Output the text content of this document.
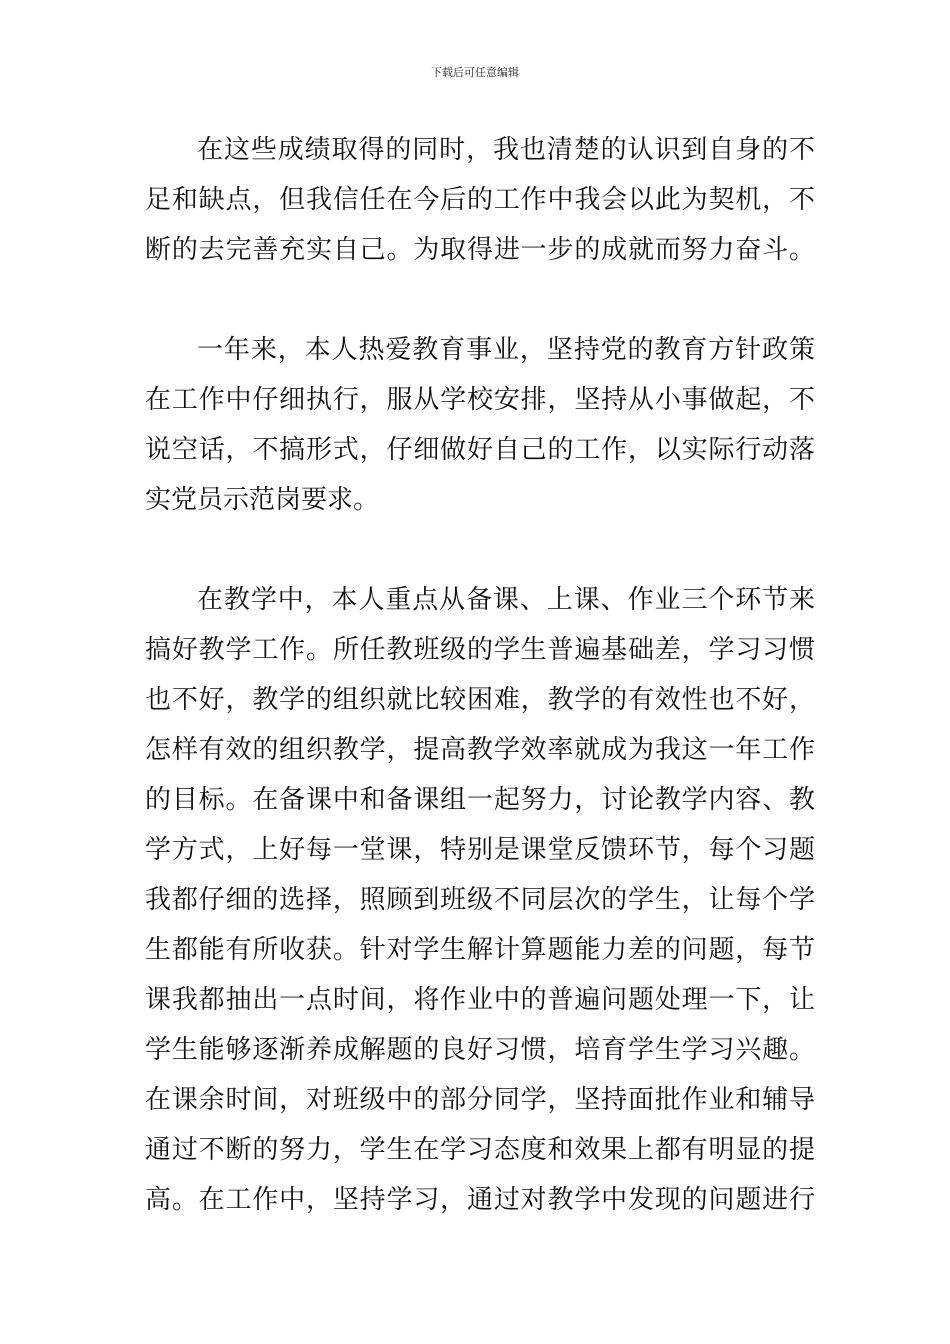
下载后可任意编辑
在这些成绩取得的同时，我也清楚的认识到自身的不
足和缺点，但我信任在今后的工作中我会以此为契机，不
断的去完善充实自己。为取得进一步的成就而努力奋斗。
一年来，本人热爱教育事业，坚持党的教育方针政策
在工作中仔细执行，服从学校安排，坚持从小事做起，不
说空话，不搞形式，仔细做好自己的工作，以实际行动落
实党员示范岗要求。
在教学中，本人重点从备课、上课、作业三个环节来
搞好教学工作。所任教班级的学生普遍基础差，学习习惯
也不好，教学的组织就比较困难，教学的有效性也不好，
怎样有效的组织教学，提高教学效率就成为我这一年工作
的目标。在备课中和备课组一起努力，讨论教学内容、教
学方式，上好每一堂课，特别是课堂反馈环节，每个习题
我都仔细的选择，照顾到班级不同层次的学生，让每个学
生都能有所收获。针对学生解计算题能力差的问题，每节
课我都抽出一点时间，将作业中的普遍问题处理一下，让
学生能够逐渐养成解题的良好习惯，培育学生学习兴趣。
在课余时间，对班级中的部分同学，坚持面批作业和辅导
通过不断的努力，学生在学习态度和效果上都有明显的提
高。在工作中，坚持学习，通过对教学中发现的问题进行
